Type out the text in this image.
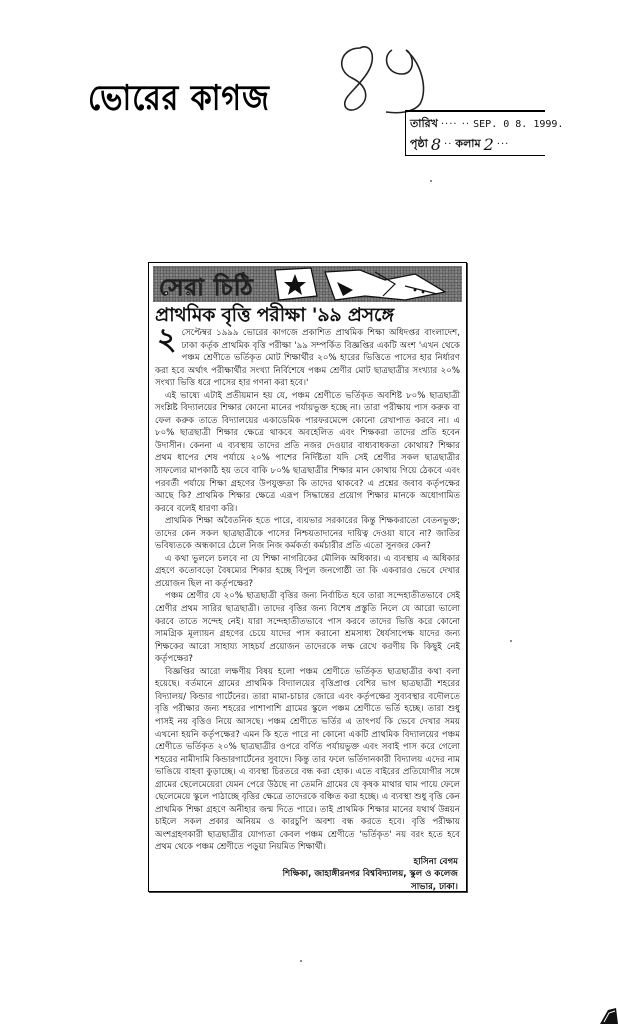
ভোরের কাগজ
তারিখ ···· ·· SEP. 0 8. 1999.
পৃষ্ঠা 8 ·· কলাম 2 ···
সেরা চিঠি
প্রাথমিক বৃত্তি পরীক্ষা '৯৯ প্রসঙ্গে

২ সেপ্টেম্বর ১৯৯৯ ভোরের কাগজে প্রকাশিত প্রাথমিক শিক্ষা অধিদপ্তর বাংলাদেশ, ঢাকা কর্তৃক প্রাথমিক বৃত্তি পরীক্ষা '৯৯ সম্পর্কিত বিজ্ঞপ্তির একটি অংশ 'এখন থেকে পঞ্চম শ্রেণীতে ভর্তিকৃত মোট শিক্ষার্থীর ২০% হারের ভিত্তিতে পাসের হার নির্ধারণ করা হবে অর্থাৎ পরীক্ষার্থীর সংখ্যা নির্বিশেষে পঞ্চম শ্রেণীর মোট ছাত্রছাত্রীর সংখ্যার ২০% সংখ্যা ভিত্তি ধরে পাসের হার গণনা করা হবে।'

এই ভাষ্যে এটাই প্রতীয়মান হয় যে, পঞ্চম শ্রেণীতে ভর্তিকৃত অবশিষ্ট ৮০% ছাত্রছাত্রী সংশ্লিষ্ট বিদ্যালয়ের শিক্ষার কোনো মানের পর্যায়ভুক্ত হচ্ছে না। তারা পরীক্ষায় পাস করুক বা ফেল করুক তাতে বিদ্যালয়ের একাডেমিক পারফরমেন্সে কোনো রেখাপাত করবে না। এ ৮০% ছাত্রছাত্রী শিক্ষার ক্ষেত্রে থাকবে অবহেলিত এবং শিক্ষকরা তাদের প্রতি হবেন উদাসীন। কেননা এ ব্যবস্থায় তাদের প্রতি নজর দেওয়ার বাধ্যবাধকতা কোথায়? শিক্ষার প্রথম ধাপের শেষ পর্যায়ে ২০% পাশের নির্দিষ্টতা যদি সেই শ্রেণীর সকল ছাত্রছাত্রীর সাফল্যের মাপকাঠি হয় তবে বাকি ৮০% ছাত্রছাত্রীর শিক্ষার মান কোথায় গিয়ে ঠেকবে এবং পরবর্তী পর্যায়ে শিক্ষা গ্রহণের উপযুক্ততা কি তাদের থাকবে? এ প্রশ্নের জবাব কর্তৃপক্ষের আছে কি? প্রাথমিক শিক্ষার ক্ষেত্রে এরূপ সিদ্ধান্তের প্রয়োগ শিক্ষার মানকে অধোগামিত করবে বলেই ধারণা করি।

প্রাথমিক শিক্ষা অবৈতনিক হতে পারে, ব্যয়ভার সরকারের কিন্তু শিক্ষকরাতো বেতনভুক্ত; তাদের কেন সকল ছাত্রছাত্রীকে পাসের নিশ্চয়তাদানের দায়িত্ব দেওয়া যাবে না? জাতির ভবিষ্যতকে অন্ধকারে ঠেলে নিজ নিজ কর্মকর্তা কর্মচারীর প্রতি এতো সুনজর কেন?

এ কথা ভুললে চলবে না যে শিক্ষা নাগরিকের মৌলিক অধিকার। এ ব্যবস্থায় এ অধিকার গ্রহণে কতোবড়ো বৈষম্যের শিকার হচ্ছে বিপুল জনগোষ্ঠী তা কি একবারও ভেবে দেখার প্রয়োজন ছিল না কর্তৃপক্ষের?

পঞ্চম শ্রেণীর যে ২০% ছাত্রছাত্রী বৃত্তির জন্য নির্বাচিত হবে তারা সন্দেহাতীতভাবে সেই শ্রেণীর প্রথম সারির ছাত্রছাত্রী। তাদের বৃত্তির জন্য বিশেষ প্রস্তুতি নিলে যে আরো ভালো করবে তাতে সন্দেহ নেই। যারা সন্দেহাতীতভাবে পাস করবে তাদের ভিত্তি করে কোনো সামগ্রিক মূল্যায়ন গ্রহণের চেয়ে যাদের পাস করানো শ্রমসাধ্য ধৈর্যসাপেক্ষ যাদের জন্য শিক্ষকের আরো সাহায্য সাহচর্য প্রয়োজন তাদেরকে লক্ষ রেখে করণীয় কি কিছুই নেই কর্তৃপক্ষের?

বিজ্ঞপ্তির আরো লক্ষণীয় বিষয় হলো পঞ্চম শ্রেণীতে ভর্তিকৃত ছাত্রছাত্রীর কথা বলা হয়েছে। বর্তমানে গ্রামের প্রাথমিক বিদ্যালয়ের বৃত্তিপ্রাপ্ত বেশির ভাগ ছাত্রছাত্রী শহরের বিদ্যালয়/ কিন্ডার গার্টেনের। তারা মামা-চাচার জোরে এবং কর্তৃপক্ষের সুব্যবস্থার বদৌলতে বৃত্তি পরীক্ষার জন্য শহরের পাশাপাশি গ্রামের স্কুলে পঞ্চম শ্রেণীতে ভর্তি হচ্ছে। তারা শুধু পাসই নয় বৃত্তিও নিয়ে আসছে। পঞ্চম শ্রেণীতে ভর্তির এ তাৎপর্য কি ভেবে দেখার সময় এখনো হয়নি কর্তৃপক্ষের? এমন কি হতে পারে না কোনো একটি প্রাথমিক বিদ্যালয়ের পঞ্চম শ্রেণীতে ভর্তিকৃত ২০% ছাত্রছাত্রীর ওপরে বর্ণিত পর্যায়ভুক্ত এবং সবাই পাস করে গেলো শহরের নামীদামি কিন্ডারগার্টেনের সুবাদে। কিন্তু তার ফলে ভর্তিদানকারী বিদ্যালয় এদের নাম ভাঙিয়ে বাহবা কুড়াচ্ছে। এ ব্যবস্থা চিরতরে বন্ধ করা হোক। এতে বাইরের প্রতিযোগীর সঙ্গে গ্রামের ছেলেমেয়েরা যেমন পেরে উঠছে না তেমনি গ্রামের যে কৃষক মাথার ঘাম পায়ে ফেলে ছেলেমেয়ে স্কুলে পাঠাচ্ছে বৃত্তির ক্ষেত্রে তাদেরকে বঞ্চিত করা হচ্ছে। এ ব্যবস্থা শুধু বৃত্তি কেন প্রাথমিক শিক্ষা গ্রহণে অনীহার জন্ম দিতে পারে। তাই প্রাথমিক শিক্ষার মানের যথার্থ উন্নয়ন চাইলে সকল প্রকার অনিয়ম ও কারচুপি অবশ্য বন্ধ করতে হবে। বৃত্তি পরীক্ষায় অংশগ্রহণকারী ছাত্রছাত্রীর যোগ্যতা কেবল পঞ্চম শ্রেণীতে 'ভর্তিকৃত' নয় বরং হতে হবে প্রথম থেকে পঞ্চম শ্রেণীতে পড়ুয়া নিয়মিত শিক্ষার্থী।

হাসিনা বেগম
শিক্ষিকা, জাহাঙ্গীরনগর বিশ্ববিদ্যালয়, স্কুল ও কলেজ
সাভার, ঢাকা।
